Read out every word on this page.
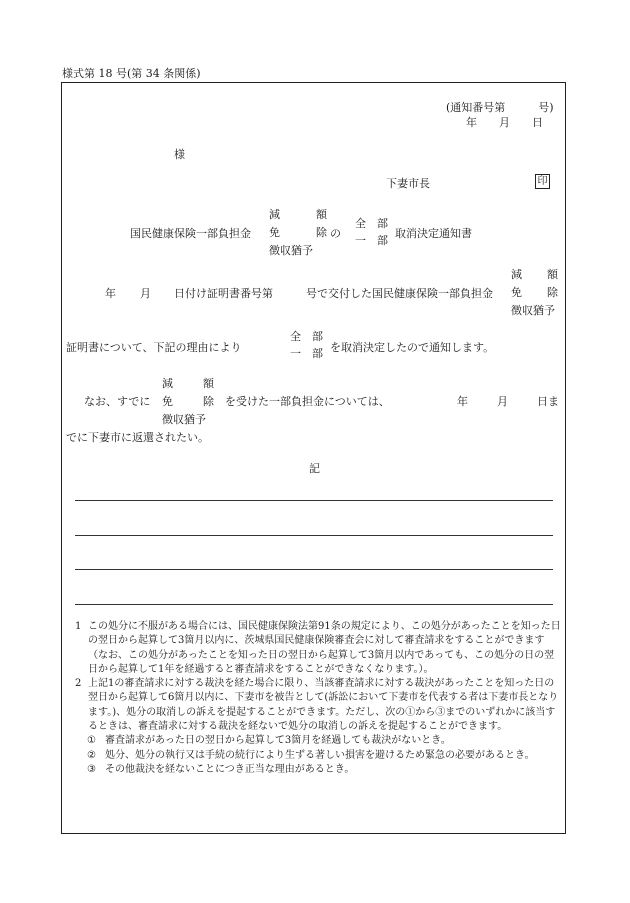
様式第 18 号(第 34 条関係)
(通知番号第　　　号)
年　　月　　日
様
下妻市長	印
国民健康保険一部負担金
減	額
免	除
徴収猶予
の
全　部
一　部
取消決定通知書
年 月 日付け証明書番号第　　　号で交付した国民健康保険一部負担金
減 額
免 除
徴収猶予
証明書について、下記の理由により
全　部
一　部 を取消決定したので通知します。
なお、すでに
減	額
免	除
徴収猶予
を受けた一部負担金については、	年	月	日ま
でに下妻市に返還されたい。
記

1 この処分に不服がある場合には、国民健康保険法第91条の規定により、この処分があったことを知った日の翌日から起算して3箇月以内に、茨城県国民健康保険審査会に対して審査請求をすることができます（なお、この処分があったことを知った日の翌日から起算して3箇月以内であっても、この処分の日の翌日から起算して1年を経過すると審査請求をすることができなくなります。）。

2 上記1の審査請求に対する裁決を経た場合に限り、当該審査請求に対する裁決があったことを知った日の翌日から起算して6箇月以内に、下妻市を被告として(訴訟において下妻市を代表する者は下妻市長となります。)、処分の取消しの訴えを提起することができます。ただし、次の①から③までのいずれかに該当するときは、審査請求に対する裁決を経ないで処分の取消しの訴えを提起することができます。

① 審査請求があった日の翌日から起算して3箇月を経過しても裁決がないとき。

② 処分、処分の執行又は手続の続行により生ずる著しい損害を避けるため緊急の必要があるとき。

③ その他裁決を経ないことにつき正当な理由があるとき。
